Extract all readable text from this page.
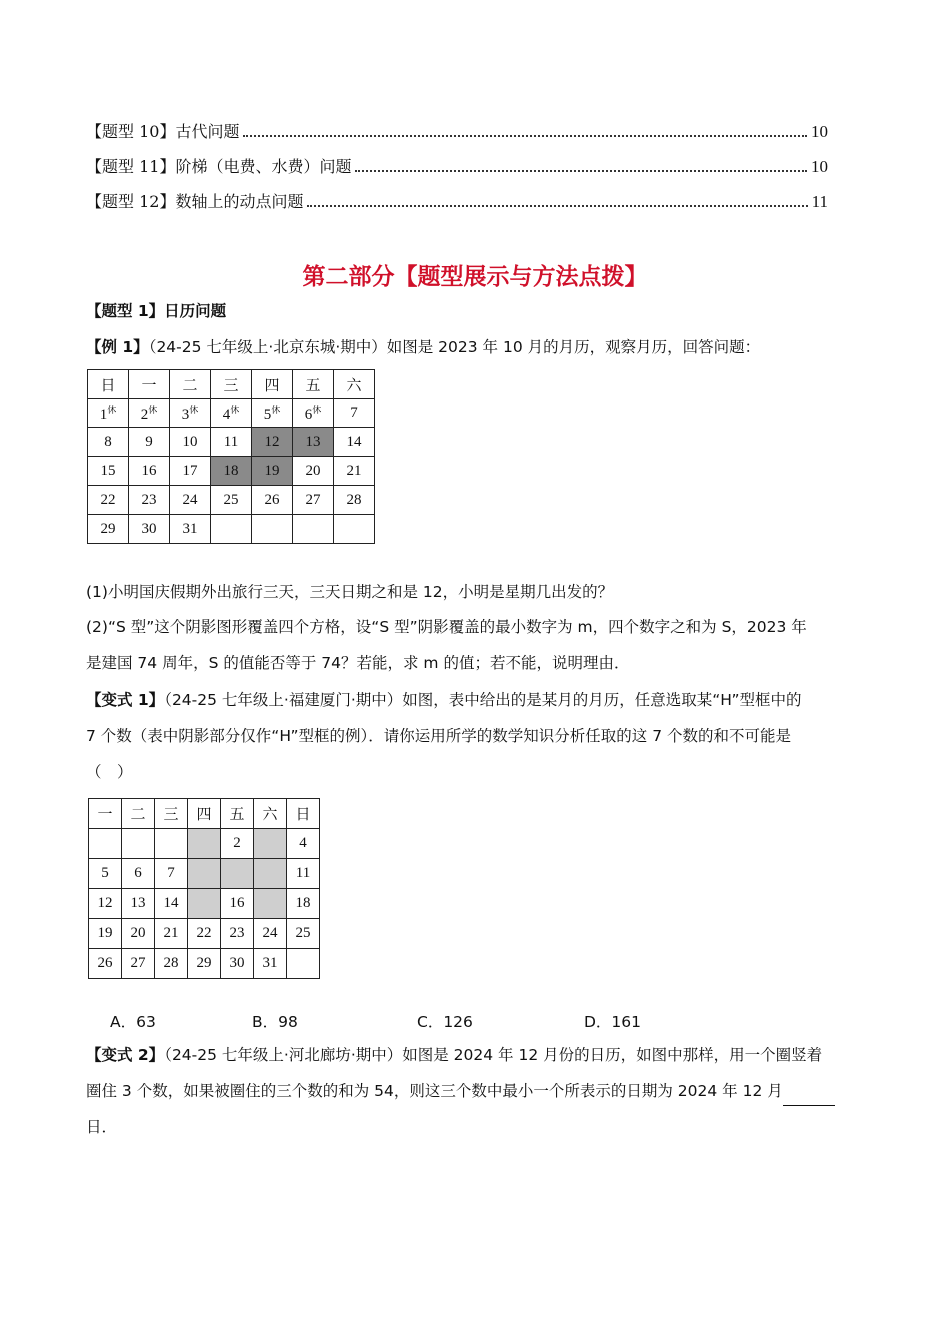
【题型 10】古代问题	10
【题型 11】阶梯（电费、水费）问题	10
【题型 12】数轴上的动点问题	11
第二部分【题型展示与方法点拨】
【题型 1】日历问题
【例 1】（24-25 七年级上·北京东城·期中）如图是 2023 年 10 月的月历，观察月历，回答问题：
日	一	二	三	四	五	六
$1^休$	$2^休$	$3^休$	$4^休$	$5^休$	$6^休$	7
8	9	10	11	12	13	14
15	16	17	18	19	20	21
22	23	24	25	26	27	28
29	30	31				
(1)小明国庆假期外出旅行三天，三天日期之和是 12，小明是星期几出发的？
(2)“S 型”这个阴影图形覆盖四个方格，设“S 型”阴影覆盖的最小数字为 m，四个数字之和为 S，2023 年
是建国 74 周年，S 的值能否等于 74？若能，求 m 的值；若不能，说明理由．
【变式 1】（24-25 七年级上·福建厦门·期中）如图，表中给出的是某月的月历，任意选取某“H”型框中的
7 个数（表中阴影部分仅作“H”型框的例）．请你运用所学的数学知识分析任取的这 7 个数的和不可能是
（　）
一	二	三	四	五	六	日
				2		4
5	6	7				11
12	13	14		16		18
19	20	21	22	23	24	25
26	27	28	29	30	31	
A．63	B．98	C．126	D．161
【变式 2】（24-25 七年级上·河北廊坊·期中）如图是 2024 年 12 月份的日历，如图中那样，用一个圈竖着
圈住 3 个数，如果被圈住的三个数的和为 54，则这三个数中最小一个所表示的日期为 2024 年 12 月
日．
